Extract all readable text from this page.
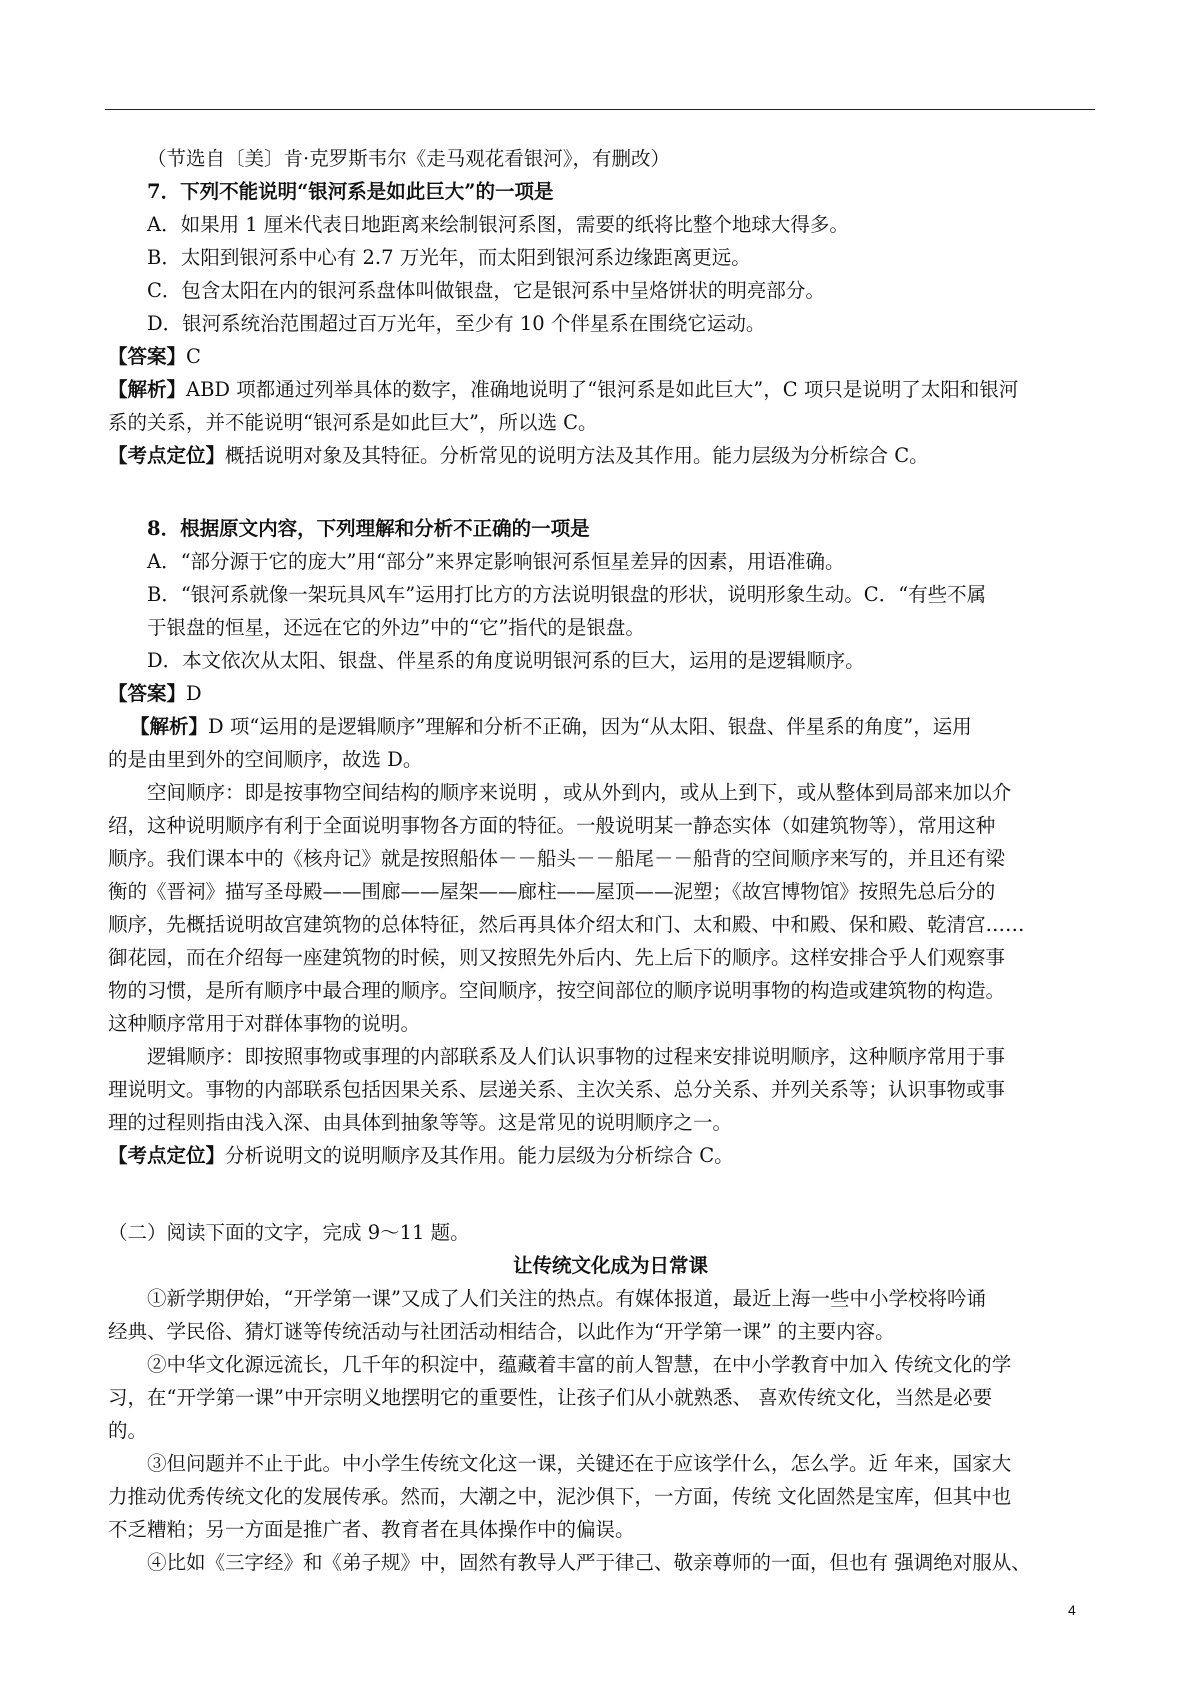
（节选自〔美〕肯·克罗斯韦尔《走马观花看银河》，有删改）

7．下列不能说明“银河系是如此巨大”的一项是

A．如果用 1 厘米代表日地距离来绘制银河系图，需要的纸将比整个地球大得多。

B．太阳到银河系中心有 2.7 万光年，而太阳到银河系边缘距离更远。

C．包含太阳在内的银河系盘体叫做银盘，它是银河系中呈烙饼状的明亮部分。

D．银河系统治范围超过百万光年，至少有 10 个伴星系在围绕它运动。

【答案】C

【解析】ABD 项都通过列举具体的数字，准确地说明了“银河系是如此巨大”，C 项只是说明了太阳和银河

系的关系，并不能说明“银河系是如此巨大”，所以选 C。

【考点定位】概括说明对象及其特征。分析常见的说明方法及其作用。能力层级为分析综合 C。

8．根据原文内容，下列理解和分析不正确的一项是

A．“部分源于它的庞大”用“部分”来界定影响银河系恒星差异的因素，用语准确。

B．“银河系就像一架玩具风车”运用打比方的方法说明银盘的形状，说明形象生动。C．“有些不属

于银盘的恒星，还远在它的外边”中的“它”指代的是银盘。

D．本文依次从太阳、银盘、伴星系的角度说明银河系的巨大，运用的是逻辑顺序。

【答案】D

【解析】D 项“运用的是逻辑顺序”理解和分析不正确，因为“从太阳、银盘、伴星系的角度”，运用

的是由里到外的空间顺序，故选 D。

空间顺序：即是按事物空间结构的顺序来说明 ，或从外到内，或从上到下，或从整体到局部来加以介

绍，这种说明顺序有利于全面说明事物各方面的特征。一般说明某一静态实体（如建筑物等），常用这种

顺序。我们课本中的《核舟记》就是按照船体－－船头－－船尾－－船背的空间顺序来写的，并且还有梁

衡的《晋祠》描写圣母殿——围廊——屋架——廊柱——屋顶——泥塑；《故宫博物馆》按照先总后分的

顺序，先概括说明故宫建筑物的总体特征，然后再具体介绍太和门、太和殿、中和殿、保和殿、乾清宫……

御花园，而在介绍每一座建筑物的时候，则又按照先外后内、先上后下的顺序。这样安排合乎人们观察事

物的习惯，是所有顺序中最合理的顺序。空间顺序，按空间部位的顺序说明事物的构造或建筑物的构造。

这种顺序常用于对群体事物的说明。

逻辑顺序：即按照事物或事理的内部联系及人们认识事物的过程来安排说明顺序，这种顺序常用于事

理说明文。事物的内部联系包括因果关系、层递关系、主次关系、总分关系、并列关系等；认识事物或事

理的过程则指由浅入深、由具体到抽象等等。这是常见的说明顺序之一。

【考点定位】分析说明文的说明顺序及其作用。能力层级为分析综合 C。

（二）阅读下面的文字，完成 9～11 题。

让传统文化成为日常课

①新学期伊始，“开学第一课”又成了人们关注的热点。有媒体报道，最近上海一些中小学校将吟诵

经典、学民俗、猜灯谜等传统活动与社团活动相结合，以此作为“开学第一课” 的主要内容。

②中华文化源远流长，几千年的积淀中，蕴藏着丰富的前人智慧，在中小学教育中加入 传统文化的学

习，在“开学第一课”中开宗明义地摆明它的重要性，让孩子们从小就熟悉、 喜欢传统文化，当然是必要

的。

③但问题并不止于此。中小学生传统文化这一课，关键还在于应该学什么，怎么学。近 年来，国家大

力推动优秀传统文化的发展传承。然而，大潮之中，泥沙俱下，一方面，传统 文化固然是宝库，但其中也

不乏糟粕；另一方面是推广者、教育者在具体操作中的偏误。

④比如《三字经》和《弟子规》中，固然有教导人严于律己、敬亲尊师的一面，但也有 强调绝对服从、

4
